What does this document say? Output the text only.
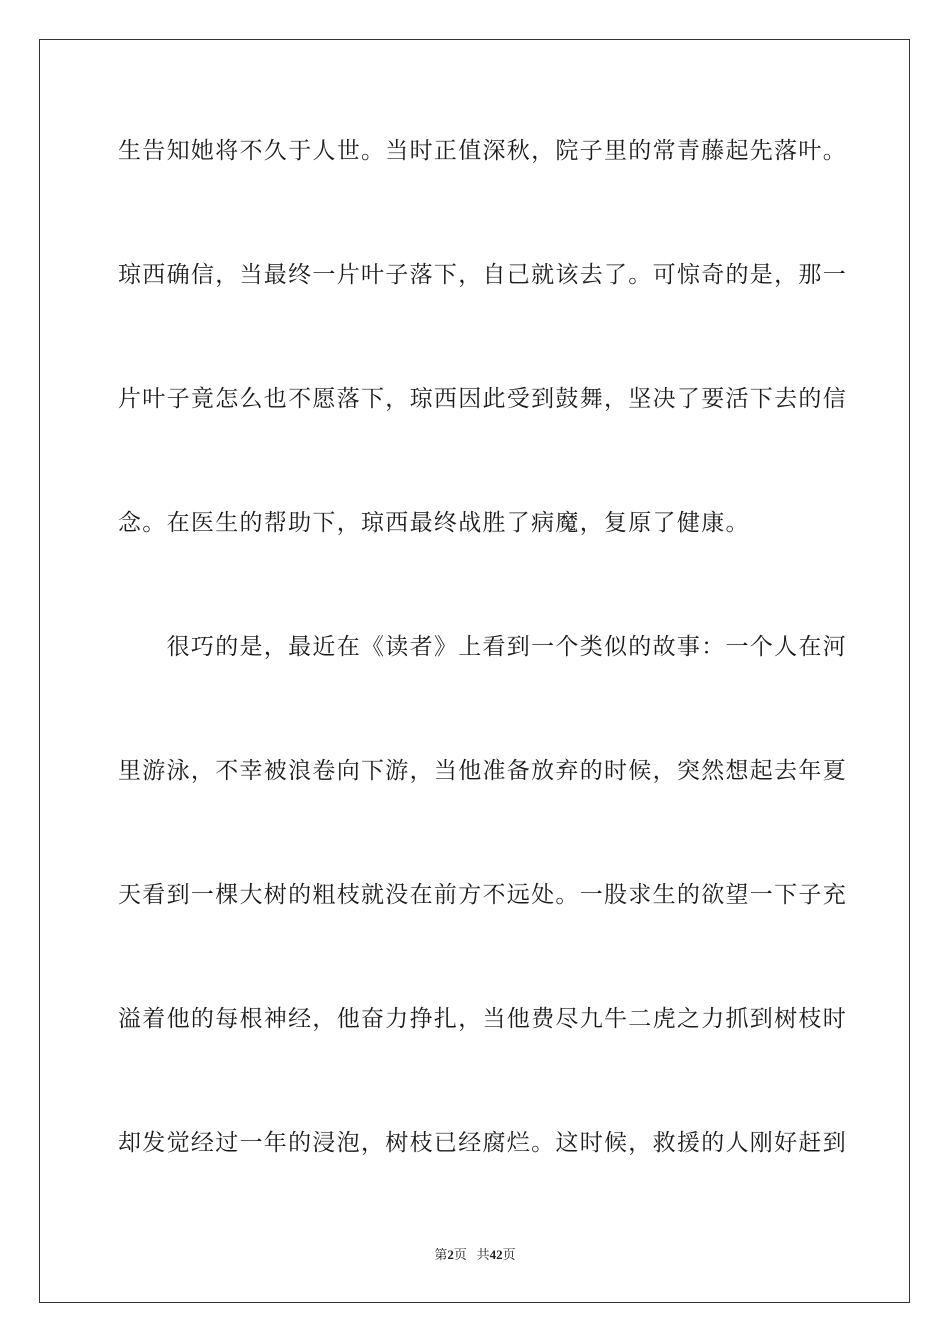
生告知她将不久于人世。当时正值深秋，院子里的常青藤起先落叶。
琼西确信，当最终一片叶子落下，自己就该去了。可惊奇的是，那一
片叶子竟怎么也不愿落下，琼西因此受到鼓舞，坚决了要活下去的信
念。在医生的帮助下，琼西最终战胜了病魔，复原了健康。
　　很巧的是，最近在《读者》上看到一个类似的故事：一个人在河
里游泳，不幸被浪卷向下游，当他准备放弃的时候，突然想起去年夏
天看到一棵大树的粗枝就没在前方不远处。一股求生的欲望一下子充
溢着他的每根神经，他奋力挣扎，当他费尽九牛二虎之力抓到树枝时
却发觉经过一年的浸泡，树枝已经腐烂。这时候，救援的人刚好赶到
第2页 共42页
